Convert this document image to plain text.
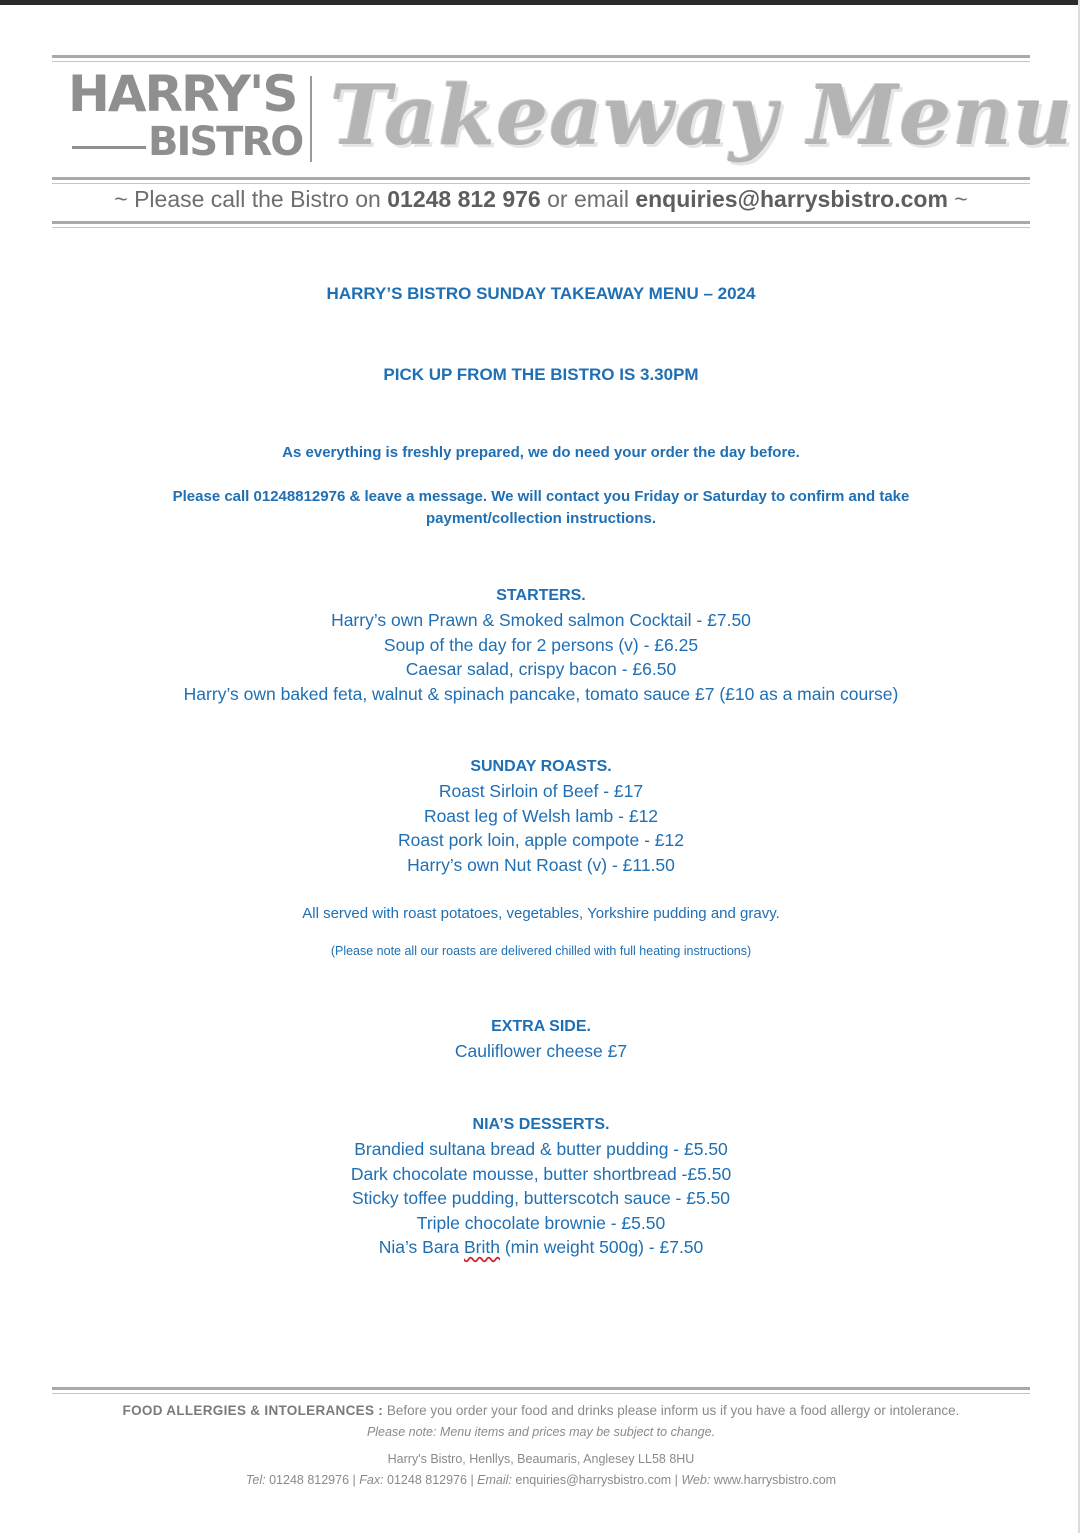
HARRY'S
BISTRO Takeaway Menu
~ Please call the Bistro on 01248 812 976 or email enquiries@harrysbistro.com ~
HARRY’S BISTRO SUNDAY TAKEAWAY MENU – 2024
PICK UP FROM THE BISTRO IS 3.30PM
As everything is freshly prepared, we do need your order the day before.
Please call 01248812976 & leave a message. We will contact you Friday or Saturday to confirm and take
payment/collection instructions.
STARTERS.
Harry’s own Prawn & Smoked salmon Cocktail - £7.50
Soup of the day for 2 persons (v) - £6.25
Caesar salad, crispy bacon - £6.50
Harry’s own baked feta, walnut & spinach pancake, tomato sauce £7 (£10 as a main course)
SUNDAY ROASTS.
Roast Sirloin of Beef - £17
Roast leg of Welsh lamb - £12
Roast pork loin, apple compote - £12
Harry’s own Nut Roast (v) - £11.50
All served with roast potatoes, vegetables, Yorkshire pudding and gravy.
(Please note all our roasts are delivered chilled with full heating instructions)
EXTRA SIDE.
Cauliflower cheese £7
NIA’S DESSERTS.
Brandied sultana bread & butter pudding - £5.50
Dark chocolate mousse, butter shortbread -£5.50
Sticky toffee pudding, butterscotch sauce - £5.50
Triple chocolate brownie - £5.50
Nia’s Bara Brith (min weight 500g) - £7.50
FOOD ALLERGIES & INTOLERANCES : Before you order your food and drinks please inform us if you have a food allergy or intolerance.
Please note: Menu items and prices may be subject to change.
Harry's Bistro, Henllys, Beaumaris, Anglesey LL58 8HU
Tel: 01248 812976 | Fax: 01248 812976 | Email: enquiries@harrysbistro.com | Web: www.harrysbistro.com
